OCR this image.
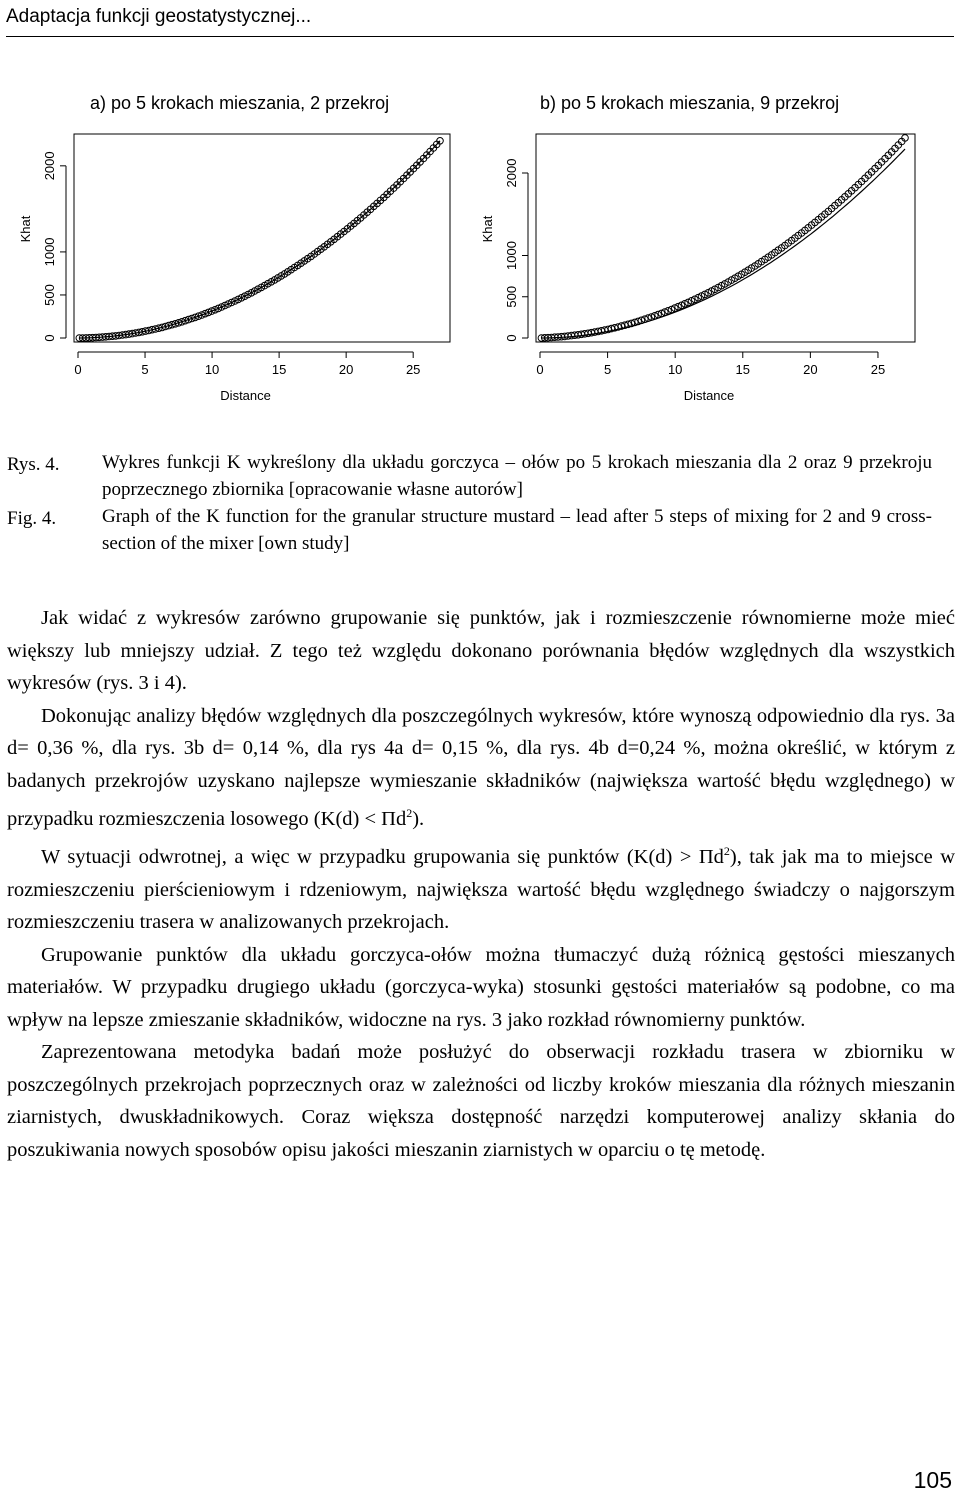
Adaptacja funkcji geostatystycznej...
a) po 5 krokach mieszania, 2 przekroj	b) po 5 krokach mieszania, 9 przekroj
0	5	10	15	20	25
Distance
0
500
1000
2000
Khat
0	5	10	15	20	25
Distance
0
500
1000
2000
Khat
Rys. 4. Wykres funkcji K wykreślony dla układu gorczyca – ołów po 5 krokach mieszania dla 2 oraz 9 przekroju poprzecznego zbiornika [opracowanie własne autorów]
Fig. 4. Graph of the K function for the granular structure mustard – lead after 5 steps of mixing for 2 and 9 cross-section of the mixer [own study]

Jak widać z wykresów zarówno grupowanie się punktów, jak i rozmieszczenie równomierne może mieć większy lub mniejszy udział. Z tego też względu dokonano porównania błędów względnych dla wszystkich wykresów (rys. 3 i 4).

Dokonując analizy błędów względnych dla poszczególnych wykresów, które wynoszą odpowiednio dla rys. 3a d= 0,36 %, dla rys. 3b d= 0,14 %, dla rys 4a d= 0,15 %, dla rys. 4b d=0,24 %, można określić, w którym z badanych przekrojów uzyskano najlepsze wymieszanie składników (największa wartość błędu względnego) w przypadku rozmieszczenia losowego $(K(d) < \Pi d^2)$.

W sytuacji odwrotnej, a więc w przypadku grupowania się punktów $(K(d) > \Pi d^2)$, tak jak ma to miejsce w rozmieszczeniu pierścieniowym i rdzeniowym, największa wartość błędu względnego świadczy o najgorszym rozmieszczeniu trasera w analizowanych przekrojach.

Grupowanie punktów dla układu gorczyca-ołów można tłumaczyć dużą różnicą gęstości mieszanych materiałów. W przypadku drugiego układu (gorczyca-wyka) stosunki gęstości materiałów są podobne, co ma wpływ na lepsze zmieszanie składników, widoczne na rys. 3 jako rozkład równomierny punktów.

Zaprezentowana metodyka badań może posłużyć do obserwacji rozkładu trasera w zbiorniku w poszczególnych przekrojach poprzecznych oraz w zależności od liczby kroków mieszania dla różnych mieszanin ziarnistych, dwuskładnikowych. Coraz większa dostępność narzędzi komputerowej analizy skłania do poszukiwania nowych sposobów opisu jakości mieszanin ziarnistych w oparciu o tę metodę.

105
